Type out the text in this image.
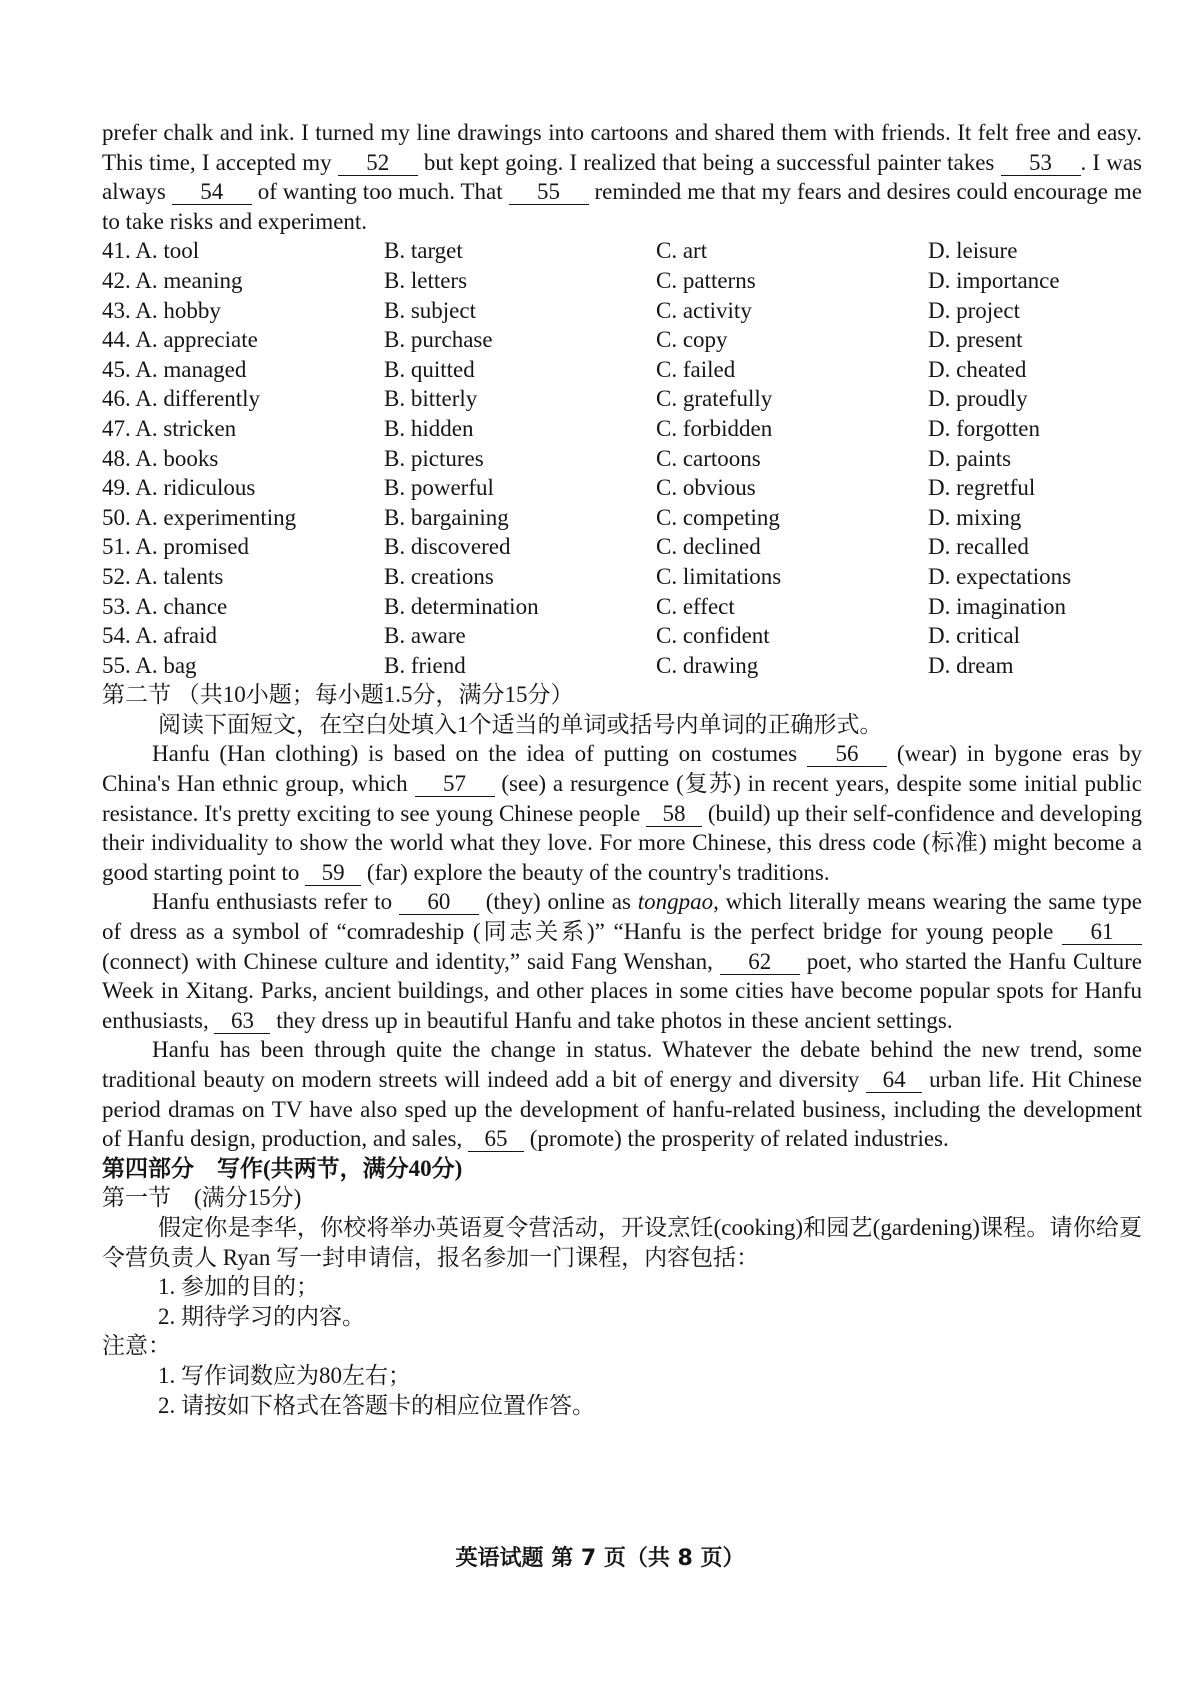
prefer chalk and ink. I turned my line drawings into cartoons and shared them with friends. It felt free and easy. This time, I accepted my 52 but kept going. I realized that being a successful painter takes 53 . I was always 54 of wanting too much. That 55 reminded me that my fears and desires could encourage me to take risks and experiment.

41. A. tool	B. target	C. art	D. leisure
42. A. meaning	B. letters	C. patterns	D. importance
43. A. hobby	B. subject	C. activity	D. project
44. A. appreciate	B. purchase	C. copy	D. present
45. A. managed	B. quitted	C. failed	D. cheated
46. A. differently	B. bitterly	C. gratefully	D. proudly
47. A. stricken	B. hidden	C. forbidden	D. forgotten
48. A. books	B. pictures	C. cartoons	D. paints
49. A. ridiculous	B. powerful	C. obvious	D. regretful
50. A. experimenting	B. bargaining	C. competing	D. mixing
51. A. promised	B. discovered	C. declined	D. recalled
52. A. talents	B. creations	C. limitations	D. expectations
53. A. chance	B. determination	C. effect	D. imagination
54. A. afraid	B. aware	C. confident	D. critical
55. A. bag	B. friend	C. drawing	D. dream

第二节 （共10小题；每小题1.5分，满分15分）

阅读下面短文，在空白处填入1个适当的单词或括号内单词的正确形式。

Hanfu (Han clothing) is based on the idea of putting on costumes 56 (wear) in bygone eras by China's Han ethnic group, which 57 (see) a resurgence (复苏) in recent years, despite some initial public resistance. It's pretty exciting to see young Chinese people 58 (build) up their self-confidence and developing their individuality to show the world what they love. For more Chinese, this dress code (标准) might become a good starting point to 59 (far) explore the beauty of the country's traditions.

Hanfu enthusiasts refer to 60 (they) online as tongpao, which literally means wearing the same type of dress as a symbol of “comradeship (同志关系)” “Hanfu is the perfect bridge for young people 61 (connect) with Chinese culture and identity,” said Fang Wenshan, 62 poet, who started the Hanfu Culture Week in Xitang. Parks, ancient buildings, and other places in some cities have become popular spots for Hanfu enthusiasts, 63 they dress up in beautiful Hanfu and take photos in these ancient settings.

Hanfu has been through quite the change in status. Whatever the debate behind the new trend, some traditional beauty on modern streets will indeed add a bit of energy and diversity 64 urban life. Hit Chinese period dramas on TV have also sped up the development of hanfu-related business, including the development of Hanfu design, production, and sales, 65 (promote) the prosperity of related industries.

第四部分　写作(共两节，满分40分)

第一节　(满分15分)

假定你是李华，你校将举办英语夏令营活动，开设烹饪(cooking)和园艺(gardening)课程。请你给夏令营负责人 Ryan 写一封申请信，报名参加一门课程，内容包括：

1. 参加的目的；

2. 期待学习的内容。

注意：

1. 写作词数应为80左右；

2. 请按如下格式在答题卡的相应位置作答。

英语试题 第 7 页（共 8 页）
